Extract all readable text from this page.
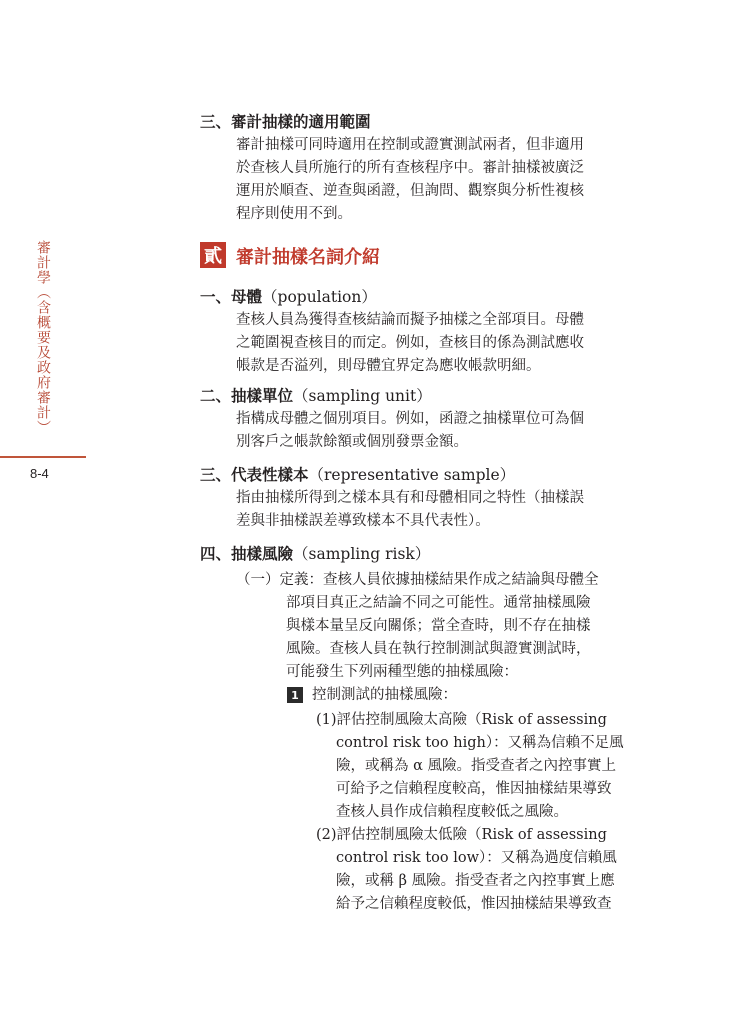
審計學（含概要及政府審計）
8-4
三、審計抽樣的適用範圍
審計抽樣可同時適用在控制或證實測試兩者，但非適用
於查核人員所施行的所有查核程序中。審計抽樣被廣泛
運用於順查、逆查與函證，但詢問、觀察與分析性複核
程序則使用不到。
貳 審計抽樣名詞介紹
一、母體（population）
查核人員為獲得查核結論而擬予抽樣之全部項目。母體
之範圍視查核目的而定。例如，查核目的係為測試應收
帳款是否溢列，則母體宜界定為應收帳款明細。
二、抽樣單位（sampling unit）
指構成母體之個別項目。例如，函證之抽樣單位可為個
別客戶之帳款餘額或個別發票金額。
三、代表性樣本（representative sample）
指由抽樣所得到之樣本具有和母體相同之特性（抽樣誤
差與非抽樣誤差導致樣本不具代表性）。
四、抽樣風險（sampling risk）
（一）定義：查核人員依據抽樣結果作成之結論與母體全
部項目真正之結論不同之可能性。通常抽樣風險
與樣本量呈反向關係；當全查時，則不存在抽樣
風險。查核人員在執行控制測試與證實測試時，
可能發生下列兩種型態的抽樣風險：
1 控制測試的抽樣風險：
(1)評估控制風險太高險（Risk of assessing
control risk too high）：又稱為信賴不足風
險，或稱為 α 風險。指受查者之內控事實上
可給予之信賴程度較高，惟因抽樣結果導致
查核人員作成信賴程度較低之風險。
(2)評估控制風險太低險（Risk of assessing
control risk too low）：又稱為過度信賴風
險，或稱 β 風險。指受查者之內控事實上應
給予之信賴程度較低，惟因抽樣結果導致查
